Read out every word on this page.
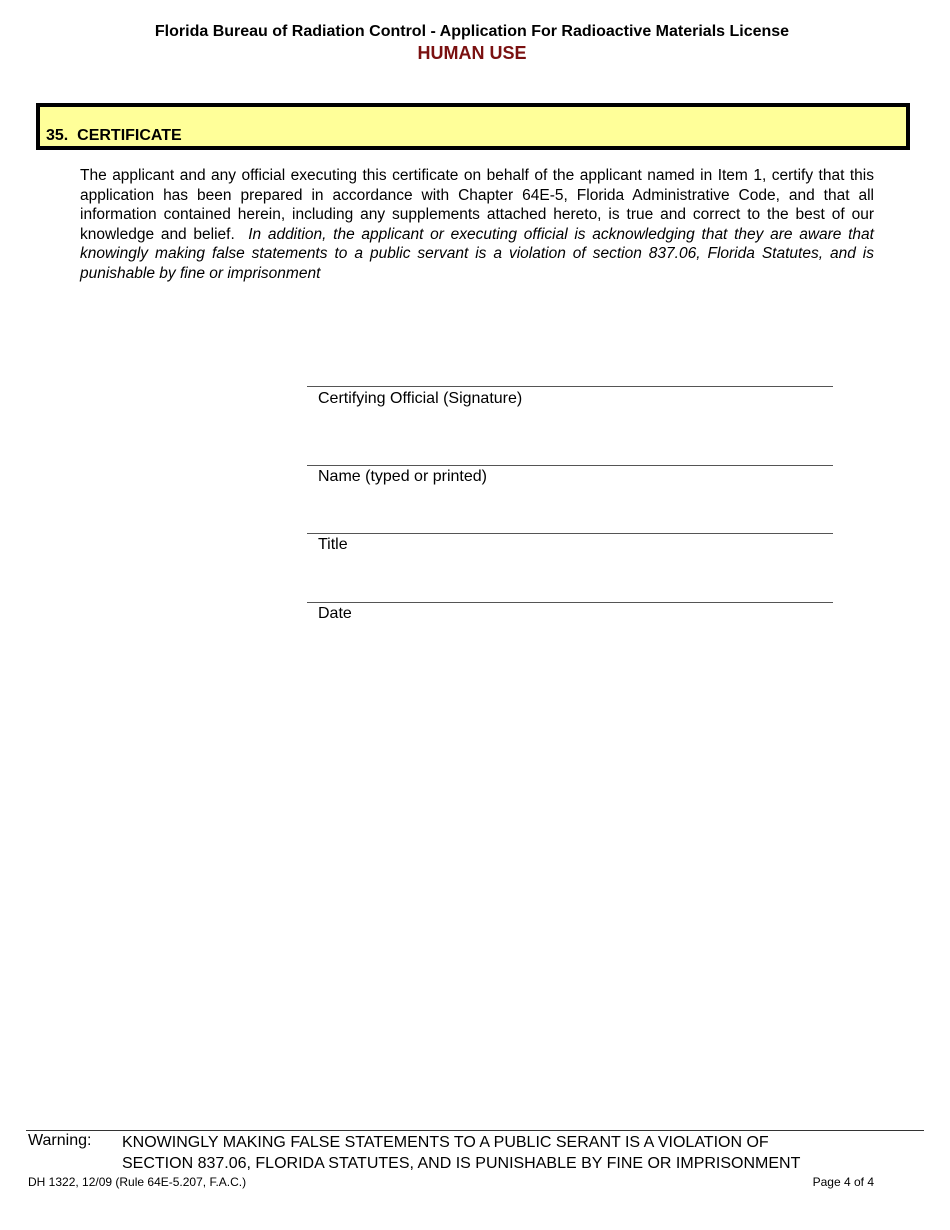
Florida Bureau of Radiation Control - Application For Radioactive Materials License
HUMAN USE
35. CERTIFICATE
The applicant and any official executing this certificate on behalf of the applicant named in Item 1, certify that this application has been prepared in accordance with Chapter 64E-5, Florida Administrative Code, and that all information contained herein, including any supplements attached hereto, is true and correct to the best of our knowledge and belief. In addition, the applicant or executing official is acknowledging that they are aware that knowingly making false statements to a public servant is a violation of section 837.06, Florida Statutes, and is punishable by fine or imprisonment
Certifying Official (Signature)
Name (typed or printed)
Title
Date
Warning: KNOWINGLY MAKING FALSE STATEMENTS TO A PUBLIC SERANT IS A VIOLATION OF
SECTION 837.06, FLORIDA STATUTES, AND IS PUNISHABLE BY FINE OR IMPRISONMENT
DH 1322, 12/09 (Rule 64E-5.207, F.A.C.)	Page 4 of 4
